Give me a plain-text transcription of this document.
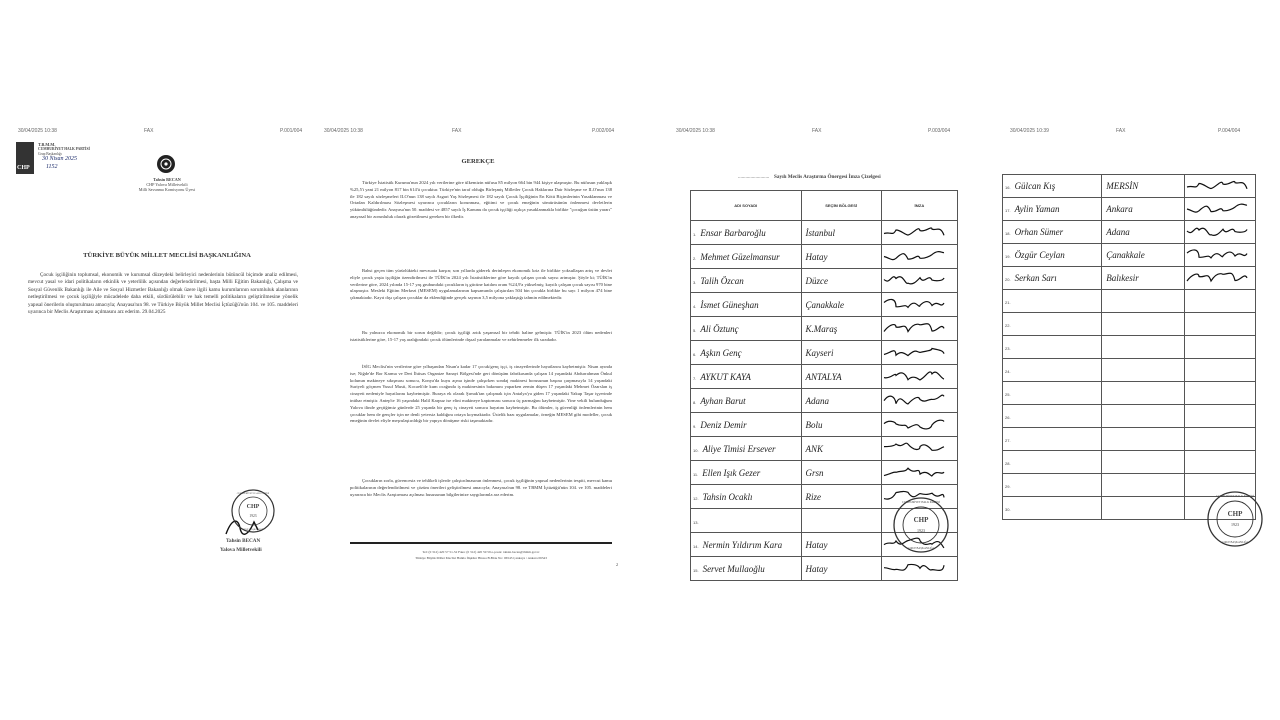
30/04/2025 10:38	FAX	P.001/004
CHP
T.B.M.M.
CUMHURİYET HALK PARTİSİ
Grup Başkanlığı
30 Nisan 2025
1152
Tahsin BECAN
CHP Yalova Milletvekili
Milli Savunma Komisyonu Üyesi
TÜRKİYE BÜYÜK MİLLET MECLİSİ BAŞKANLIĞINA
Çocuk işçiliğinin toplumsal, ekonomik ve kurumsal düzeydeki belirleyici nedenlerinin bütüncül biçimde analiz edilmesi, mevcut yasal ve idari politikaların etkinlik ve yeterlilik açısından değerlendirilmesi, başta Milli Eğitim Bakanlığı, Çalışma ve Sosyal Güvenlik Bakanlığı ile Aile ve Sosyal Hizmetler Bakanlığı olmak üzere ilgili kamu kurumlarının sorumluluk alanlarının netleştirilmesi ve çocuk işçiliğiyle mücadelede daha etkili, sürdürülebilir ve hak temelli politikaların geliştirilmesine yönelik yapısal önerilerin oluşturulması amacıyla; Anayasa'nın 98. ve Türkiye Büyük Millet Meclisi İçtüzüğü'nün 104. ve 105. maddeleri uyarınca bir Meclis Araştırması açılmasını arz ederim. 29.04.2025
Tahsin BECAN
Yalova Milletvekili
CHP
1923
CUMHURİYET HALK PARTİSİ
GRUP BAŞKANLIĞI
30/04/2025 10:38	FAX	P.002/004
GEREKÇE
Türkiye İstatistik Kurumu'nun 2024 yılı verilerine göre ülkemizin nüfusu 85 milyon 664 bin 944 kişiye ulaşmıştır. Bu nüfusun yaklaşık %25,5'i yani 21 milyon 817 bin 614'ü çocuktur. Türkiye'nin taraf olduğu Birleşmiş Milletler Çocuk Haklarına Dair Sözleşme ve ILO'nun 138 ile 182 sayılı sözleşmeleri ILO'nun 138 sayılı Asgari Yaş Sözleşmesi ile 182 sayılı Çocuk İşçiliğinin En Kötü Biçimlerinin Yasaklanması ve Ortadan Kaldırılması Sözleşmesi uyarınca çocukların korunması, eğitimi ve çocuk emeğinin sömürüsünün önlenmesi devletlerin yükümlülüğündedir. Anayasa'nın 50. maddesi ve 4857 sayılı İş Kanunu da çocuk işçiliği açıkça yasaklanmakla birlikte "çocuğun üstün yararı" anayasal bir zorunluluk olarak gözetilmesi gereken bir ilkedir.
Bahsi geçen tüm yürürlükteki mevzuata karşın; son yıllarda giderek derinleşen ekonomik kriz ile birlikte yoksullaşan artış ve devlet eliyle çocuk yaşta işçiliğin özendirilmesi ile TÜİK'in 2024 yılı İstatistiklerine göre kayıtlı çalışan çocuk sayısı artmıştır. Şöyle ki; TÜİK'in verilerine göre, 2024 yılında 15-17 yaş grubundaki çocukların iş gücüne katılım oranı %24,9'a yükselmiş; kayıtlı çalışan çocuk sayısı 970 bine ulaşmıştır. Mesleki Eğitim Merkezi (MESEM) uygulamalarının kapsamında çalıştırılan 504 bin çocukla birlikte bu sayı 1 milyon 474 bine çıkmaktadır. Kayıt dışı çalışan çocuklar da eklendiğinde gerçek sayının 3,5 milyona yaklaştığı tahmin edilmektedir.
Bu yalnızca ekonomik bir sorun değildir; çocuk işçiliği artık yaşamsal bir tehdit haline gelmiştir. TÜİK'in 2023 ölüm nedenleri istatistiklerine göre, 15-17 yaş aralığındaki çocuk ölümlerinde dışsal yaralanmalar ve zehirlenmeler ilk sıradadır.
İSİG Meclisi'nin verilerine göre yılbaşından Nisan'a kadar 17 çocuk/genç işçi, iş cinayetlerinde hayatlarını kaybetmiştir. Nisan ayında ise; Niğde'de Bor Karma ve Deri İhtisas Organize Sanayi Bölgesi'nde geri dönüşüm fabrikasında çalışan 14 yaşındaki Abdurrahman Önkul kolunun makineye sıkışması sonucu, Konya'da kuyu açma işinde çalışırken sondaj makinesi borusunun başına çarpmasıyla 14 yaşındaki Suriyeli göçmen Yusuf Musti, Kocaeli'de kum ocağında iş makinesinin bakımını yaparken zemin düşen 17 yaşındaki Mehmet Özarslan iş cinayeti nedeniyle hayatlarını kaybetmiştir. Buraya ek olarak Şırnak'tan çalışmak için Antalya'ya giden 17 yaşındaki Yakup Taşar işyerinde intihar etmiştir. Antep'te 16 yaşındaki Halil Karpuz ise elini makineye kaptırması sonucu üç parmağını kaybetmiştir. Yine vekili bulunduğum Yalova ilinde geçtiğimiz günlerde 25 yaşında bir genç iş cinayeti sonucu hayatını kaybetmiştir. Bu ölümler, iş güvenliği önlemlerinin hem çocuklar hem de gençler için ne denli yetersiz kaldığını ortaya koymaktadır. Üstelik bazı uygulamalar, örneğin MESEM gibi modeller, çocuk emeğinin devlet eliyle meşrulaştırıldığı bir yapıya dönüşme riski taşımaktadır.
Çocukların zorla, güvencesiz ve tehlikeli işlerde çalıştırılmasının önlenmesi, çocuk işçiliğinin yapısal nedenlerinin tespiti, mevcut kamu politikalarının değerlendirilmesi ve çözüm önerileri geliştirilmesi amacıyla; Anayasa'nın 98. ve TBMM İçtüzüğü'nün 104. ve 105. maddeleri uyarınca bir Meclis Araştırması açılması hususunun bilgilerinize saygılarımla arz ederim.
Tel: (0 312) 420 57 51-52 Faks: (0 312) 420 59 59 e-posta: tahsin.becan@tbmm.gov.tr
Türkiye Büyük Millet Meclisi Halkla İlişkiler Binası B.Blok No: 06543 Çankaya / Ankara 06543
2
30/04/2025 10:38	FAX	P.003/004
......................... Sayılı Meclis Araştırma Önergesi İmza Çizelgesi
ADI SOYADI	SEÇİM BÖLGESİ	İMZA
1. Ensar Barbaroğlu	İstanbul	
2. Mehmet Güzelmansur	Hatay	
3. Talih Özcan	Düzce	
4. İsmet Güneşhan	Çanakkale	
5. Ali Öztunç	K.Maraş	
6. Aşkın Genç	Kayseri	
7. AYKUT KAYA	ANTALYA	
8. Ayhan Barut	Adana	
9. Deniz Demir	Bolu	
10. Aliye Timisi Ersever	ANK	
11. Ellen Işık Gezer	Grsn	
12. Tahsin Ocaklı	Rize	
13.		
14. Nermin Yıldırım Kara	Hatay	
15. Servet Mullaoğlu	Hatay	
CHP
1923
CUMHURİYET HALK PARTİSİ
GRUP BAŞKANLIĞI
30/04/2025 10:39	FAX	P.004/004
16. Gülcan Kış	MERSİN	
17. Aylin Yaman	Ankara	
18. Orhan Sümer	Adana	
19. Özgür Ceylan	Çanakkale	
20. Serkan Sarı	Balıkesir	
21.		
22.		
23.		
24.		
25.		
26.		
27.		
28.		
29.		
30.		
CHP
1923
CUMHURİYET HALK PARTİSİ
GRUP BAŞKANLIĞI
